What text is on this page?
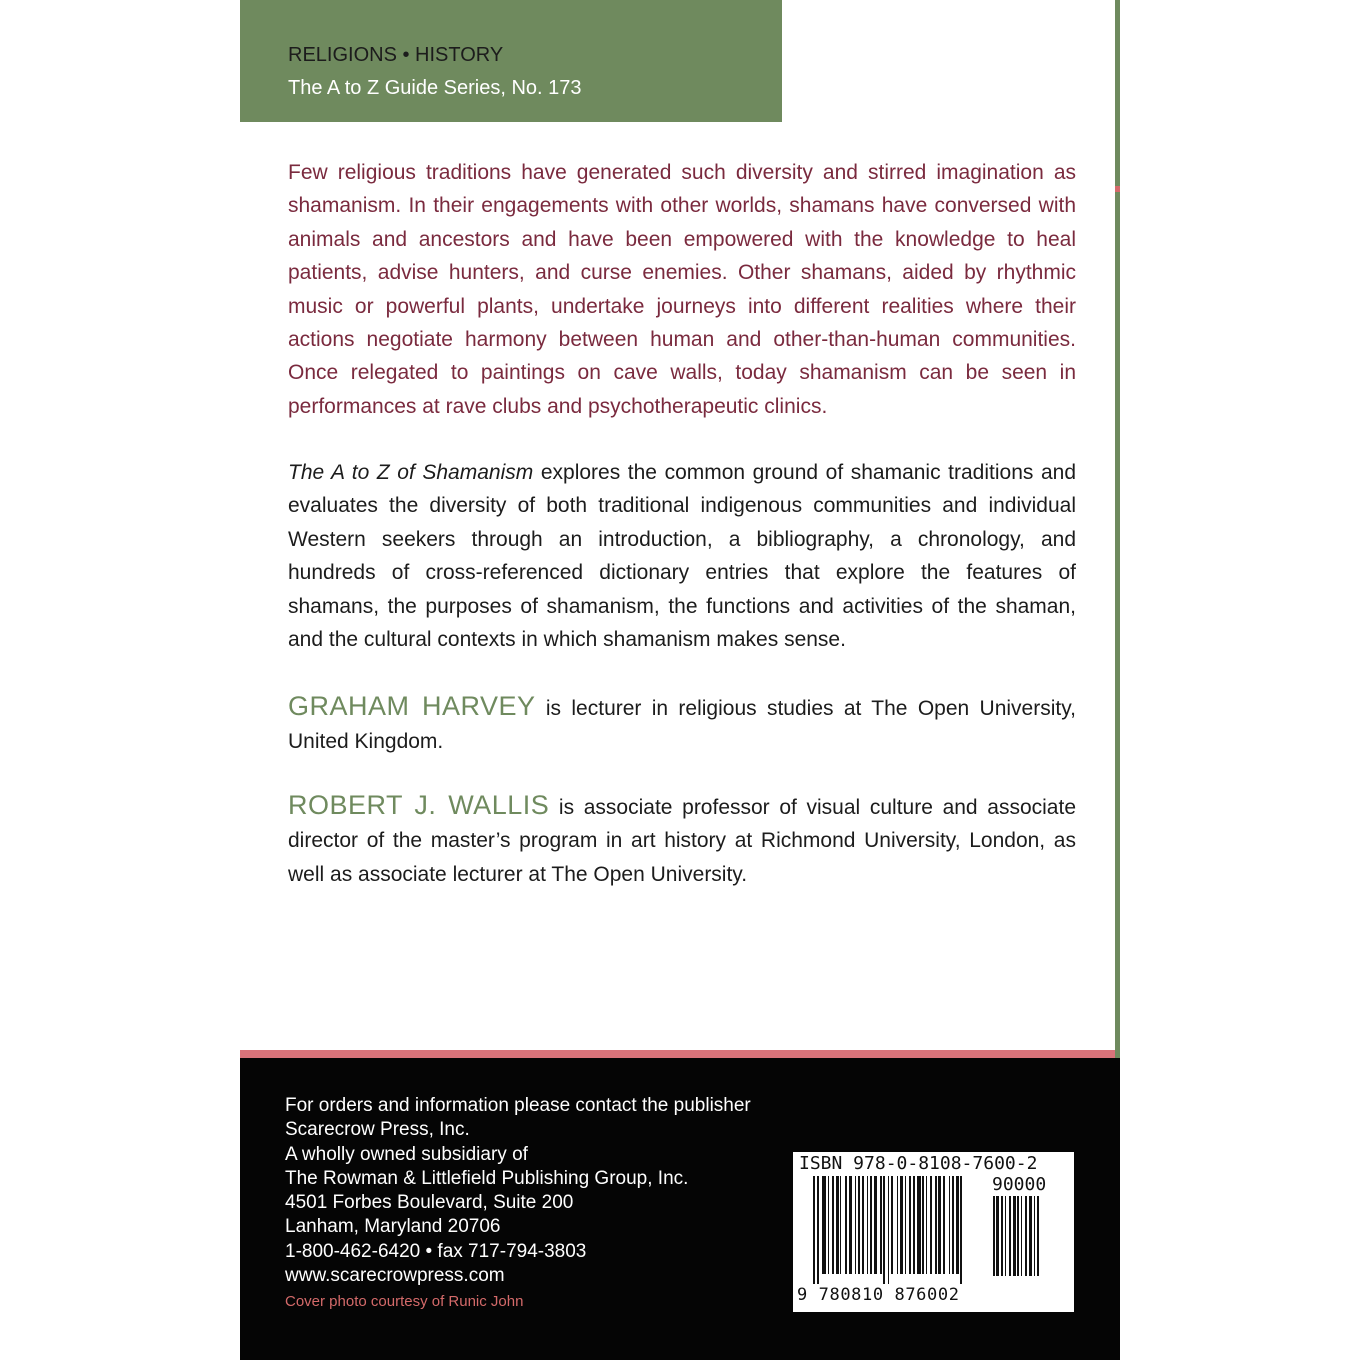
RELIGIONS • HISTORY
The A to Z Guide Series, No. 173

Few religious traditions have generated such diversity and stirred imagination as shamanism. In their engagements with other worlds, shamans have conversed with animals and ancestors and have been empowered with the knowledge to heal patients, advise hunters, and curse enemies. Other shamans, aided by rhythmic music or powerful plants, undertake journeys into different realities where their actions negotiate harmony between human and other-than-human communities. Once relegated to paintings on cave walls, today shamanism can be seen in performances at rave clubs and psychotherapeutic clinics.

The A to Z of Shamanism explores the common ground of shamanic traditions and evaluates the diversity of both traditional indigenous communities and individual Western seekers through an introduction, a bibliography, a chronology, and hundreds of cross-referenced dictionary entries that explore the features of shamans, the purposes of shamanism, the functions and activities of the shaman, and the cultural contexts in which shamanism makes sense.

GRAHAM HARVEY is lecturer in religious studies at The Open University, United Kingdom.

ROBERT J. WALLIS is associate professor of visual culture and associate director of the master’s program in art history at Richmond University, London, as well as associate lecturer at The Open University.

For orders and information please contact the publisher
Scarecrow Press, Inc.
A wholly owned subsidiary of
The Rowman & Littlefield Publishing Group, Inc.
4501 Forbes Boulevard, Suite 200
Lanham, Maryland 20706
1-800-462-6420 • fax 717-794-3803
www.scarecrowpress.com
Cover photo courtesy of Runic John
ISBN 978-0-8108-7600-2
90000
9 780810 876002
